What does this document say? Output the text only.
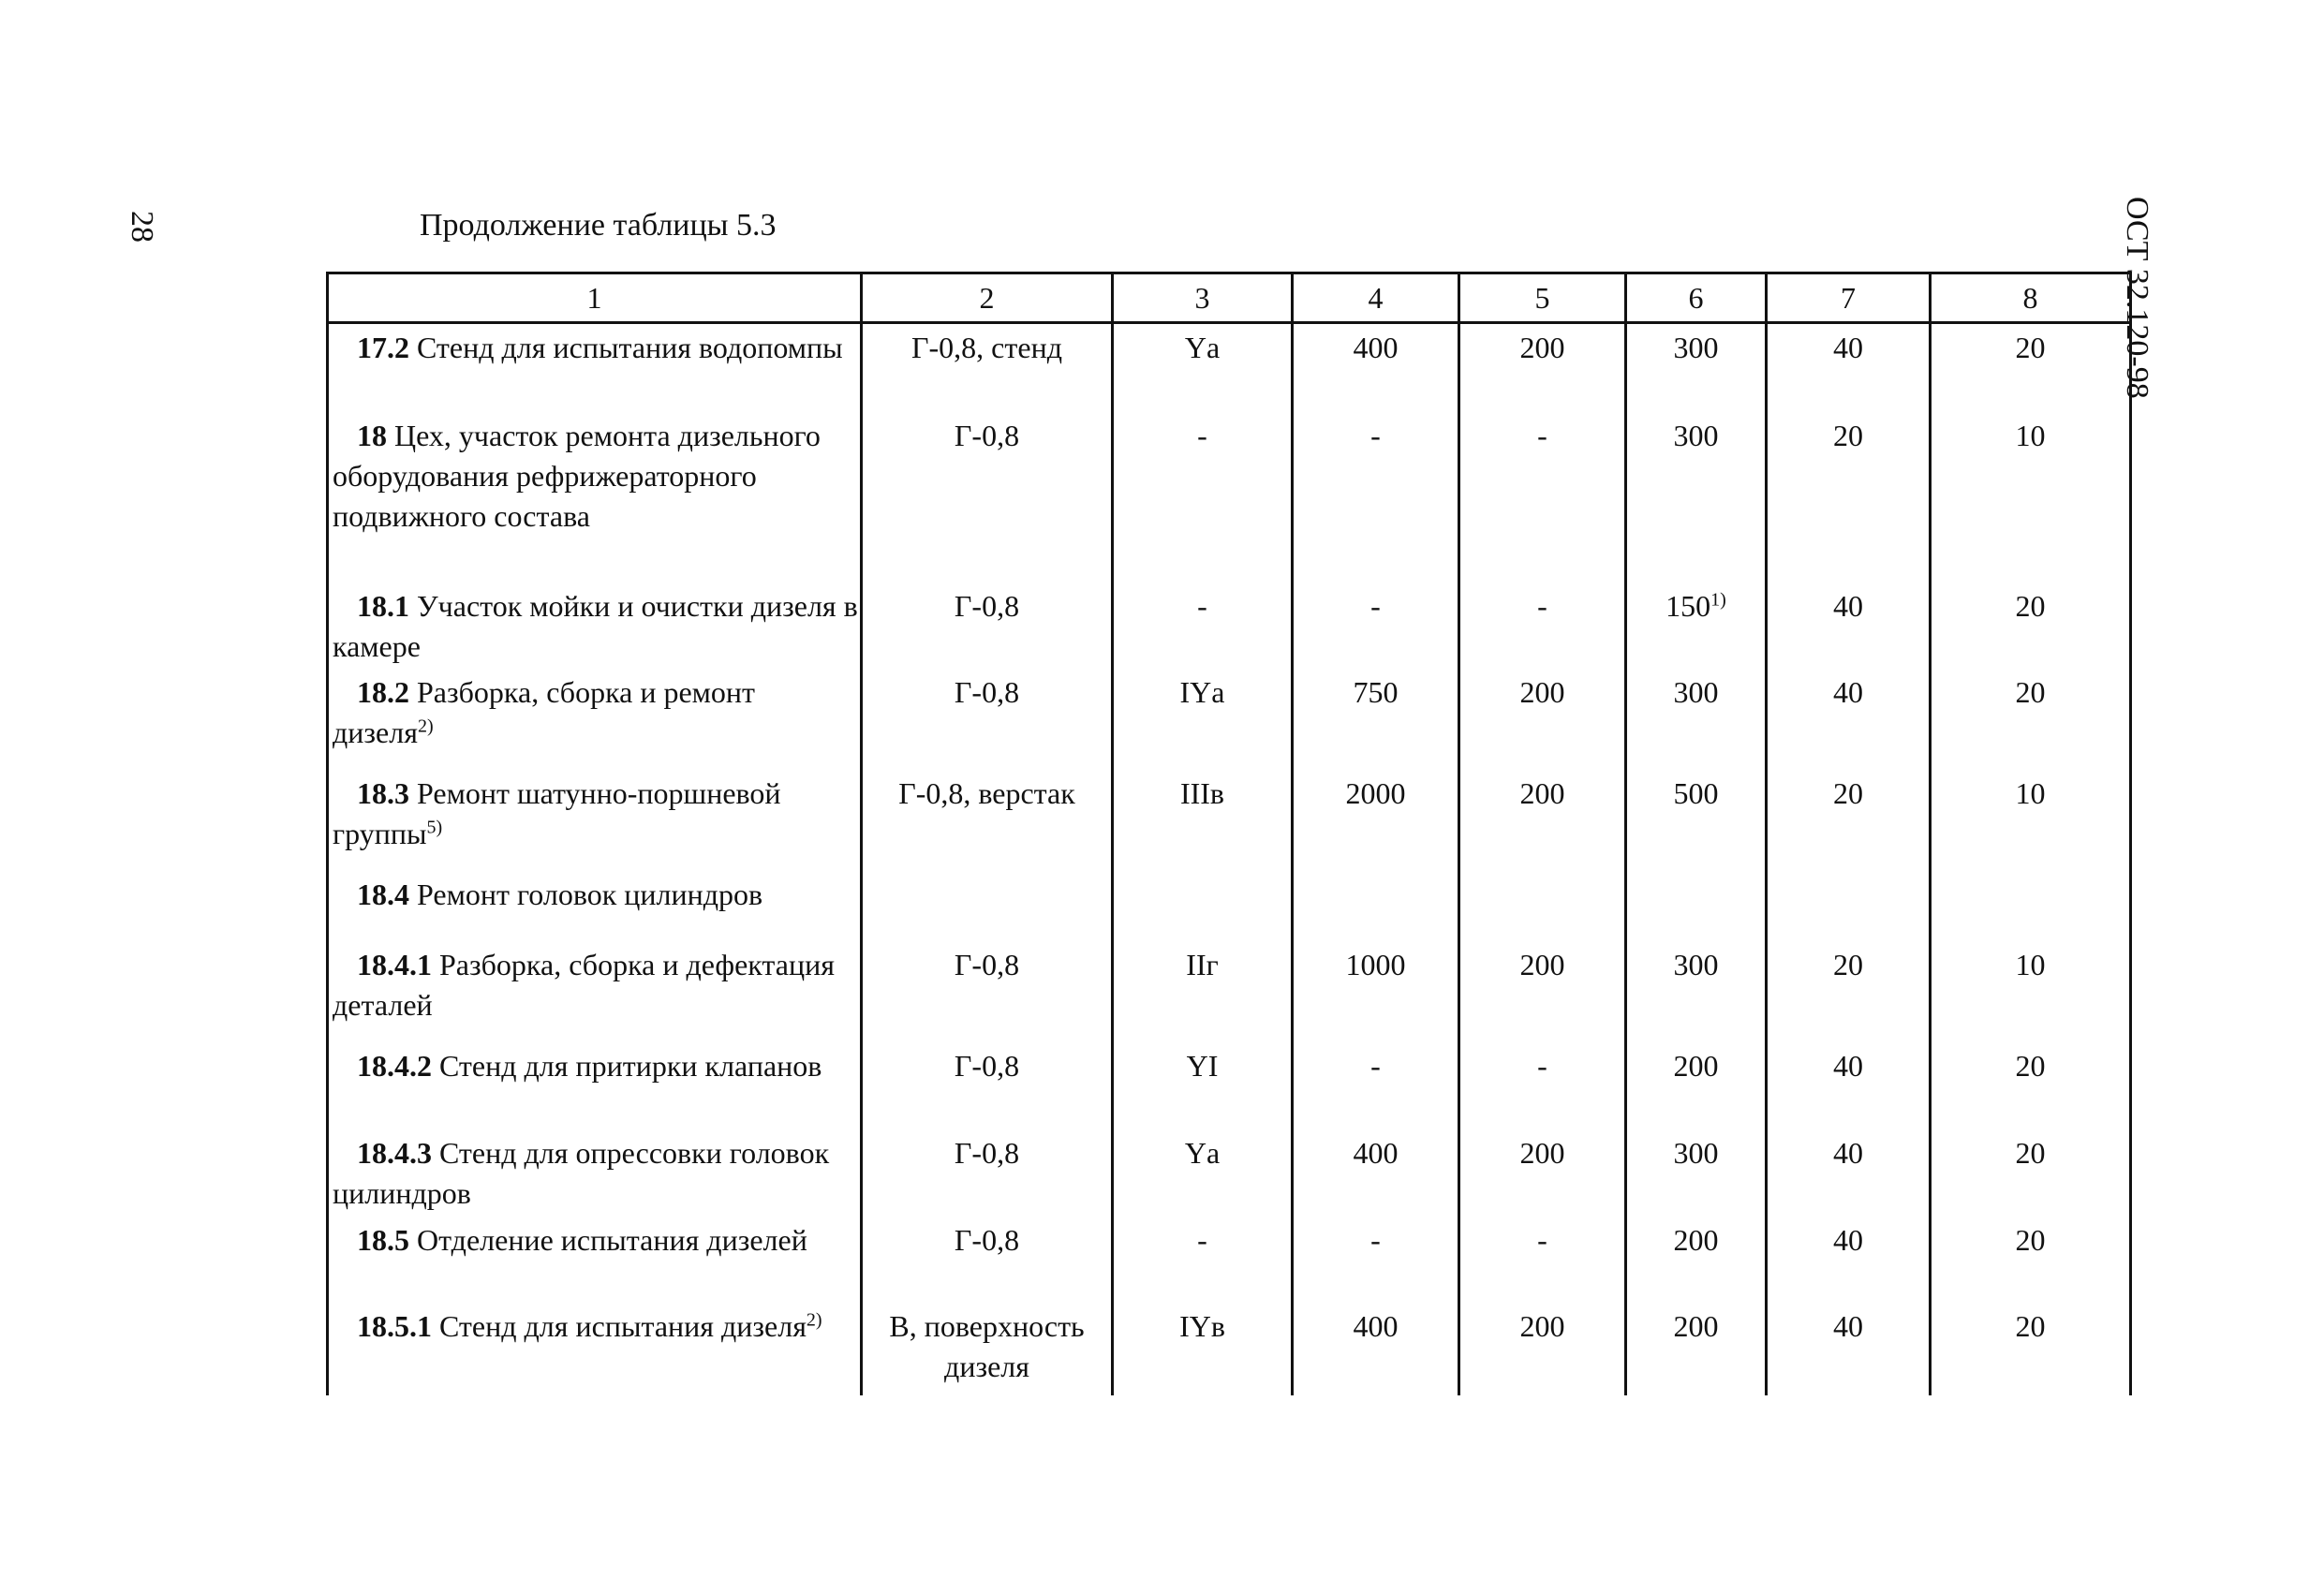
28	Продолжение таблицы 5.3	ОСТ 32.120-98
1	2	3	4	5	6	7	8
17.2 Стенд для испытания водопомпы	Г-0,8, стенд	Yа	400	200	300	40	20
18 Цех, участок ремонта дизельного оборудования рефрижераторного подвижного состава	Г-0,8	-	-	-	300	20	10
18.1 Участок мойки и очистки дизеля в камере	Г-0,8	-	-	-	150$^{1)}$	40	20
18.2 Разборка, сборка и ремонт дизеля$^{2)}$	Г-0,8	IYа	750	200	300	40	20
18.3 Ремонт шатунно-поршневой группы$^{5)}$	Г-0,8, верстак	IIIв	2000	200	500	20	10
18.4 Ремонт головок цилиндров							
18.4.1 Разборка, сборка и дефектация деталей	Г-0,8	IIг	1000	200	300	20	10
18.4.2 Стенд для притирки клапанов	Г-0,8	YI	-	-	200	40	20
18.4.3 Стенд для опрессовки головок цилиндров	Г-0,8	Yа	400	200	300	40	20
18.5 Отделение испытания дизелей	Г-0,8	-	-	-	200	40	20
18.5.1 Стенд для испытания дизеля$^{2)}$	В, поверхность дизеля	IYв	400	200	200	40	20
